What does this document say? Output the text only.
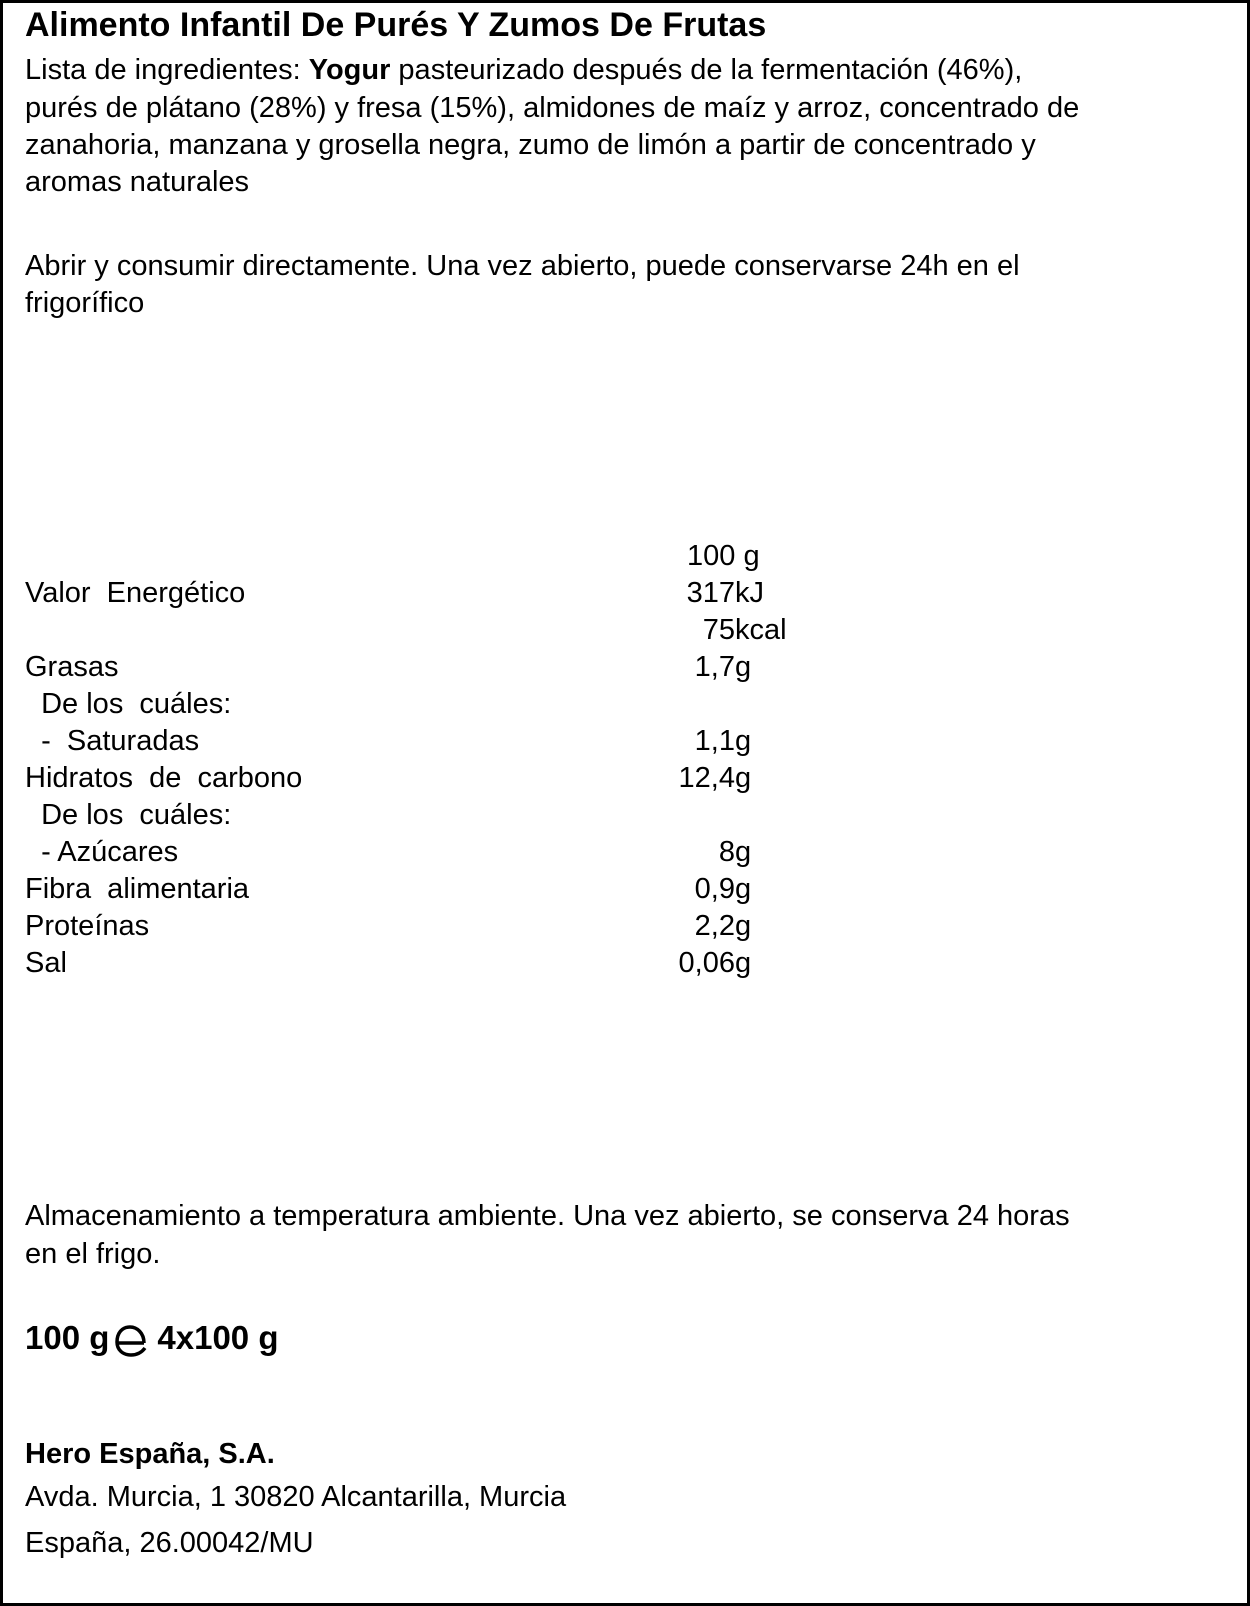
Alimento Infantil De Purés Y Zumos De Frutas
Lista de ingredientes: Yogur pasteurizado después de la fermentación (46%),
purés de plátano (28%) y fresa (15%), almidones de maíz y arroz, concentrado de
zanahoria, manzana y grosella negra, zumo de limón a partir de concentrado y
aromas naturales
Abrir y consumir directamente. Una vez abierto, puede conservarse 24h en el
frigorífico
100 g
Valor  Energético	317 kJ
75 kcal
Grasas	1,7 g
De los  cuáles:
-  Saturadas	1,1 g
Hidratos  de  carbono	12,4 g
De los  cuáles:
- Azúcares	8 g
Fibra  alimentaria	0,9 g
Proteínas	2,2 g
Sal	0,06 g
Almacenamiento a temperatura ambiente. Una vez abierto, se conserva 24 horas
en el frigo.
100 g 4x100 g
Hero España, S.A.
Avda. Murcia, 1 30820 Alcantarilla, Murcia
España, 26.00042/MU
